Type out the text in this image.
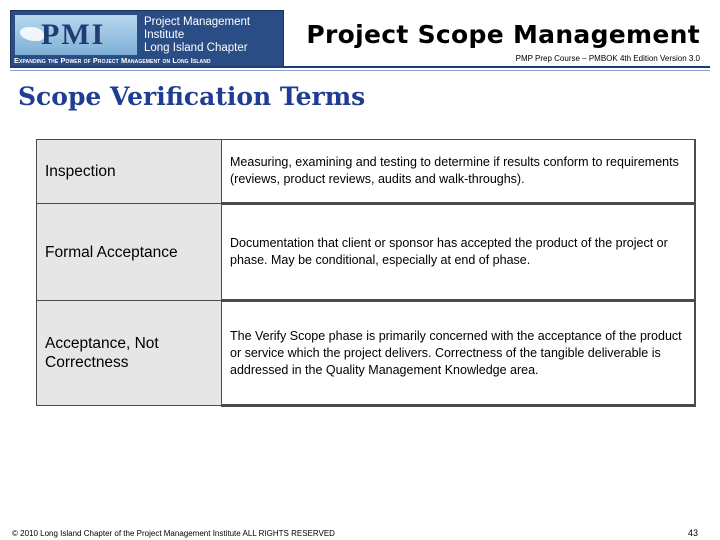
PMI	Project Management Institute
Long Island Chapter
Expanding the Power of Project Management on Long Island
Project Scope Management
PMP Prep Course – PMBOK 4th Edition Version 3.0
Scope Verification Terms
Inspection	Measuring, examining and testing to determine if results conform to requirements (reviews, product reviews, audits and walk-throughs).
Formal Acceptance	Documentation that client or sponsor has accepted the product of the project or phase. May be conditional, especially at end of phase.
Acceptance, Not Correctness	The Verify Scope phase is primarily concerned with the acceptance of the product or service which the project delivers. Correctness of the tangible deliverable is addressed in the Quality Management Knowledge area.
© 2010 Long Island Chapter of the Project Management Institute ALL RIGHTS RESERVED	43
